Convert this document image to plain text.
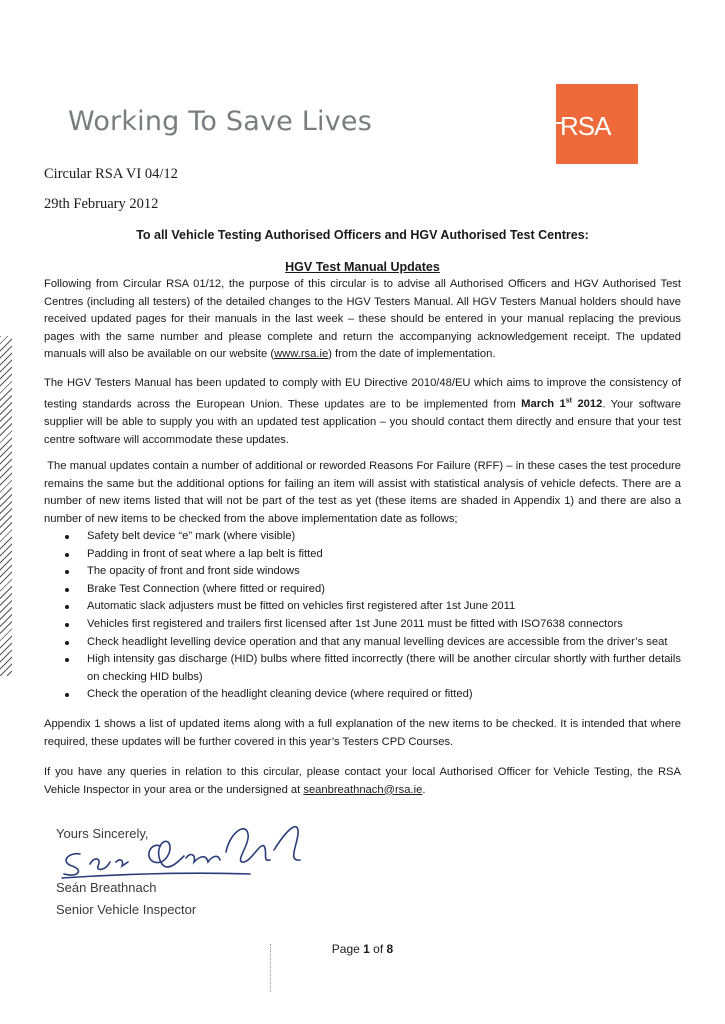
Working To Save Lives	RSA
Circular RSA VI 04/12
29th February 2012
To all Vehicle Testing Authorised Officers and HGV Authorised Test Centres:
HGV Test Manual Updates
Following from Circular RSA 01/12, the purpose of this circular is to advise all Authorised Officers and HGV Authorised Test Centres (including all testers) of the detailed changes to the HGV Testers Manual. All HGV Testers Manual holders should have received updated pages for their manuals in the last week – these should be entered in your manual replacing the previous pages with the same number and please complete and return the accompanying acknowledgement receipt. The updated manuals will also be available on our website (www.rsa.ie) from the date of implementation.
The HGV Testers Manual has been updated to comply with EU Directive 2010/48/EU which aims to improve the consistency of testing standards across the European Union. These updates are to be implemented from March 1st 2012. Your software supplier will be able to supply you with an updated test application – you should contact them directly and ensure that your test centre software will accommodate these updates.
The manual updates contain a number of additional or reworded Reasons For Failure (RFF) – in these cases the test procedure remains the same but the additional options for failing an item will assist with statistical analysis of vehicle defects. There are a number of new items listed that will not be part of the test as yet (these items are shaded in Appendix 1) and there are also a number of new items to be checked from the above implementation date as follows;
Safety belt device “e” mark (where visible)
Padding in front of seat where a lap belt is fitted
The opacity of front and front side windows
Brake Test Connection (where fitted or required)
Automatic slack adjusters must be fitted on vehicles first registered after 1st June 2011
Vehicles first registered and trailers first licensed after 1st June 2011 must be fitted with ISO7638 connectors
Check headlight levelling device operation and that any manual levelling devices are accessible from the driver’s seat
High intensity gas discharge (HID) bulbs where fitted incorrectly (there will be another circular shortly with further details on checking HID bulbs)
Check the operation of the headlight cleaning device (where required or fitted)
Appendix 1 shows a list of updated items along with a full explanation of the new items to be checked. It is intended that where required, these updates will be further covered in this year’s Testers CPD Courses.
If you have any queries in relation to this circular, please contact your local Authorised Officer for Vehicle Testing, the RSA Vehicle Inspector in your area or the undersigned at seanbreathnach@rsa.ie.
Yours Sincerely,
Seán Breathnach
Senior Vehicle Inspector
Page 1 of 8
